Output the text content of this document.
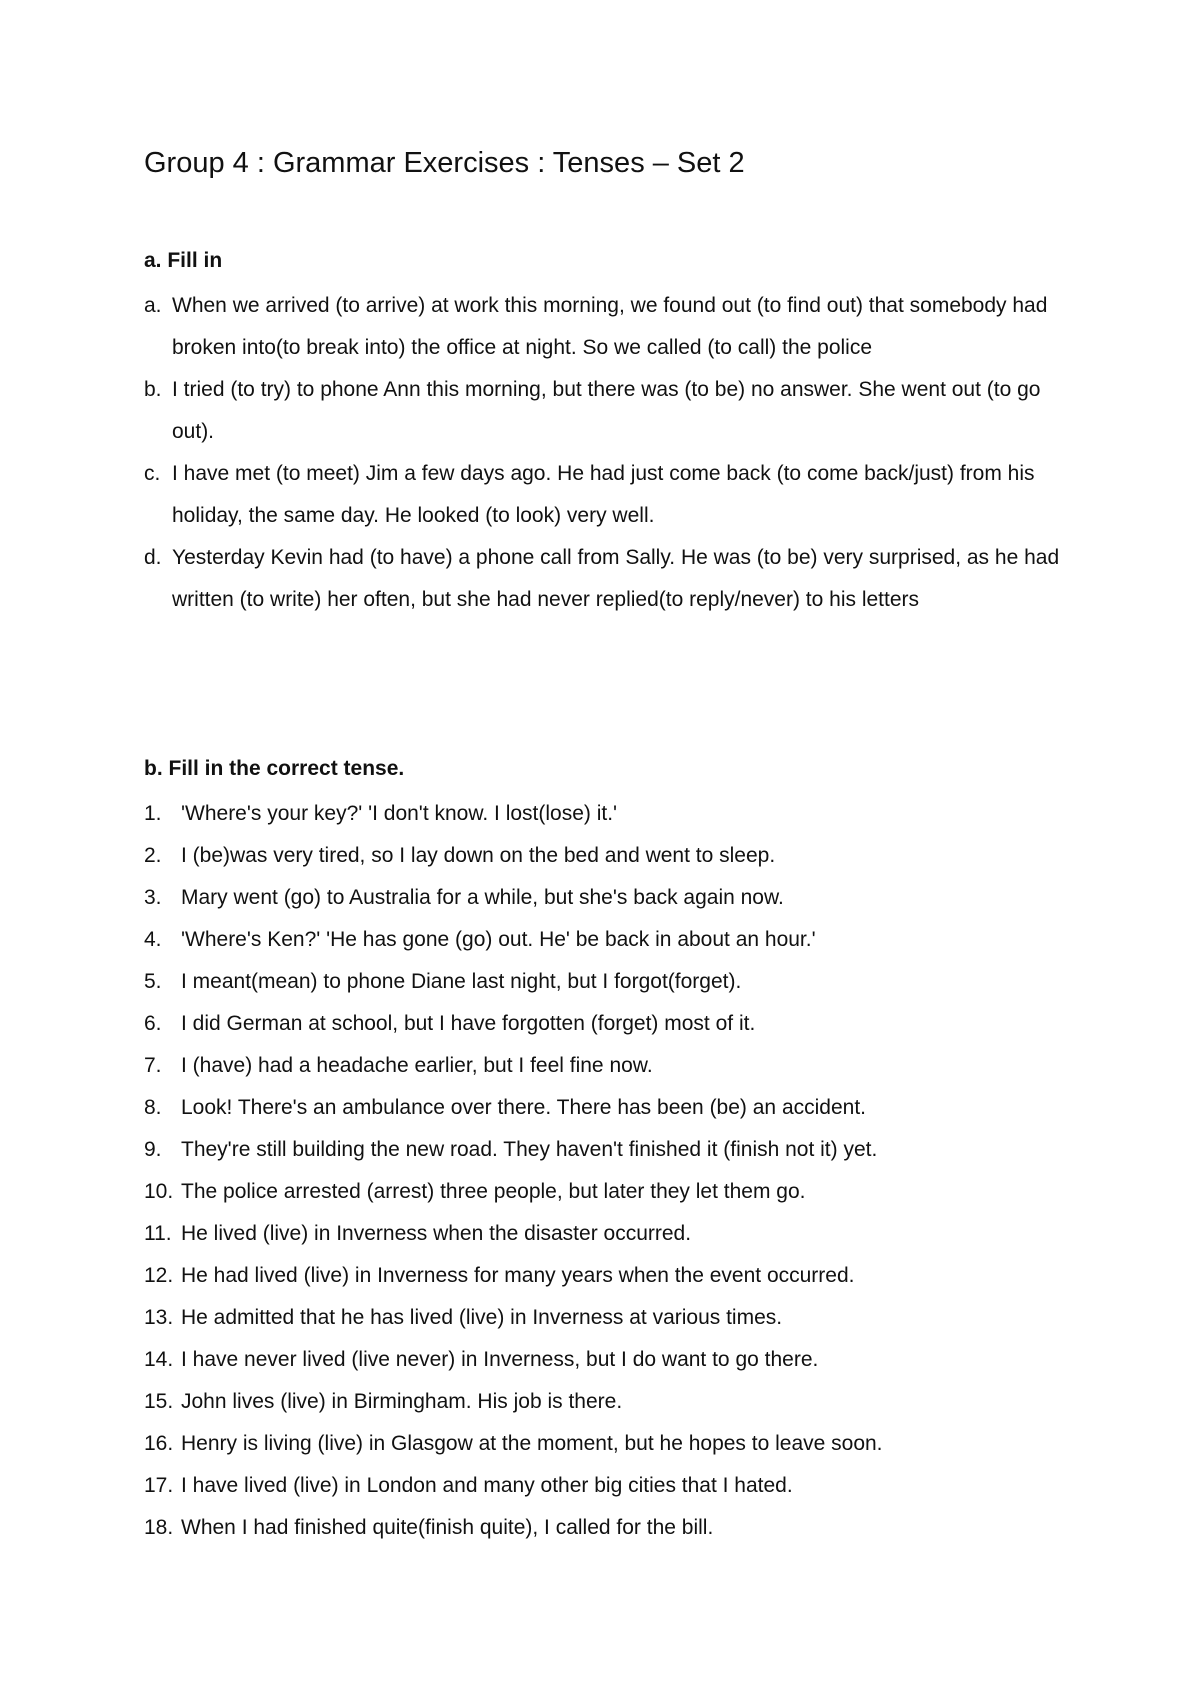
Group 4 : Grammar Exercises : Tenses – Set 2
a. Fill in

a. When we arrived (to arrive) at work this morning, we found out (to find out) that somebody had broken into(to break into) the office at night. So we called (to call) the police

b. I tried (to try) to phone Ann this morning, but there was (to be) no answer. She went out (to go out).

c. I have met (to meet) Jim a few days ago. He had just come back (to come back/just) from his holiday, the same day. He looked (to look) very well.

d. Yesterday Kevin had (to have) a phone call from Sally. He was (to be) very surprised, as he had written (to write) her often, but she had never replied(to reply/never) to his letters

b. Fill in the correct tense.

1. 'Where's your key?' 'I don't know. I lost(lose) it.'

2. I (be)was very tired, so I lay down on the bed and went to sleep.

3. Mary went (go) to Australia for a while, but she's back again now.

4. 'Where's Ken?' 'He has gone (go) out. He' be back in about an hour.'

5. I meant(mean) to phone Diane last night, but I forgot(forget).

6. I did German at school, but I have forgotten (forget) most of it.

7. I (have) had a headache earlier, but I feel fine now.

8. Look! There's an ambulance over there. There has been (be) an accident.

9. They're still building the new road. They haven't finished it (finish not it) yet.

10. The police arrested (arrest) three people, but later they let them go.

11. He lived (live) in Inverness when the disaster occurred.

12. He had lived (live) in Inverness for many years when the event occurred.

13. He admitted that he has lived (live) in Inverness at various times.

14. I have never lived (live never) in Inverness, but I do want to go there.

15. John lives (live) in Birmingham. His job is there.

16. Henry is living (live) in Glasgow at the moment, but he hopes to leave soon.

17. I have lived (live) in London and many other big cities that I hated.

18. When I had finished quite(finish quite), I called for the bill.
